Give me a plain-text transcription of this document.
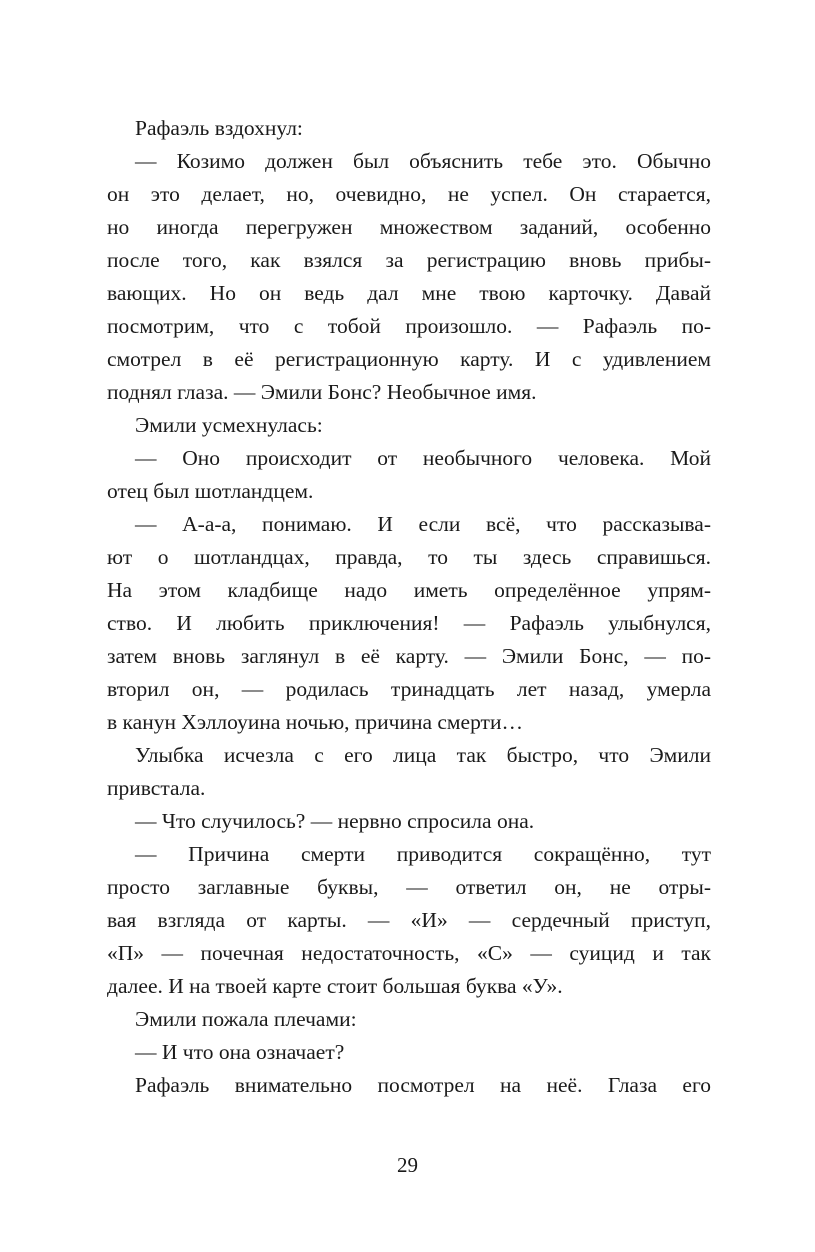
Рафаэль вздохнул:
— Козимо должен был объяснить тебе это. Обычно
он это делает, но, очевидно, не успел. Он старается,
но иногда перегружен множеством заданий, особенно
после того, как взялся за регистрацию вновь прибы-
вающих. Но он ведь дал мне твою карточку. Давай
посмотрим, что с тобой произошло. — Рафаэль по-
смотрел в её регистрационную карту. И с удивлением
поднял глаза. — Эмили Бонс? Необычное имя.
Эмили усмехнулась:
— Оно происходит от необычного человека. Мой
отец был шотландцем.
— А-а-а, понимаю. И если всё, что рассказыва-
ют о шотландцах, правда, то ты здесь справишься.
На этом кладбище надо иметь определённое упрям-
ство. И любить приключения! — Рафаэль улыбнулся,
затем вновь заглянул в её карту. — Эмили Бонс, — по-
вторил он, — родилась тринадцать лет назад, умерла
в канун Хэллоуина ночью, причина смерти…
Улыбка исчезла с его лица так быстро, что Эмили
привстала.
— Что случилось? — нервно спросила она.
— Причина смерти приводится сокращённо, тут
просто заглавные буквы, — ответил он, не отры-
вая взгляда от карты. — «И» — сердечный приступ,
«П» — почечная недостаточность, «С» — суицид и так
далее. И на твоей карте стоит большая буква «У».
Эмили пожала плечами:
— И что она означает?
Рафаэль внимательно посмотрел на неё. Глаза его
29
